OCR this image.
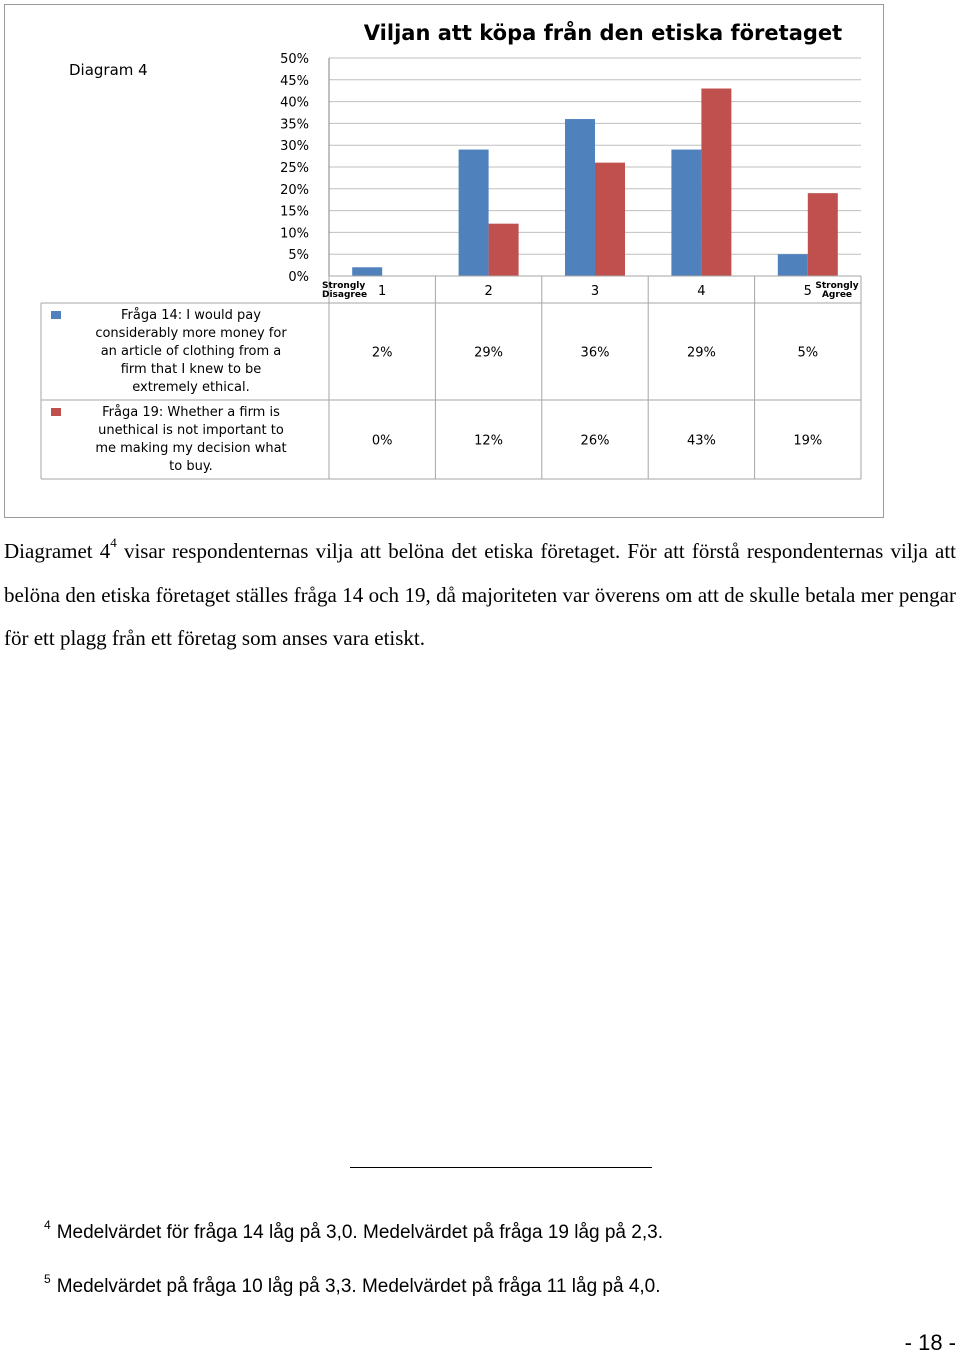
Viljan att köpa från den etiska företaget
Diagram 4
0%
5%
10%
15%
20%
25%
30%
35%
40%
45%
50%
1	2	3	4	5
Strongly
Disagree
Strongly
Agree
Fråga 14: I would pay
considerably more money for
an article of clothing from a
firm that I knew to be
extremely ethical.
2%	29%	36%	29%	5%
Fråga 19: Whether a firm is
unethical is not important to
me making my decision what
to buy.
0%	12%	26%	43%	19%
Diagramet $4^4$ visar respondenternas vilja att belöna det etiska företaget. För att förstå respondenternas vilja att belöna den etiska företaget ställes fråga 14 och 19, då majoriteten var överens om att de skulle betala mer pengar för ett plagg från ett företag som anses vara etiskt.
$^4$ Medelvärdet för fråga 14 låg på 3,0. Medelvärdet på fråga 19 låg på 2,3.
$^5$ Medelvärdet på fråga 10 låg på 3,3. Medelvärdet på fråga 11 låg på 4,0.
- 18 -
